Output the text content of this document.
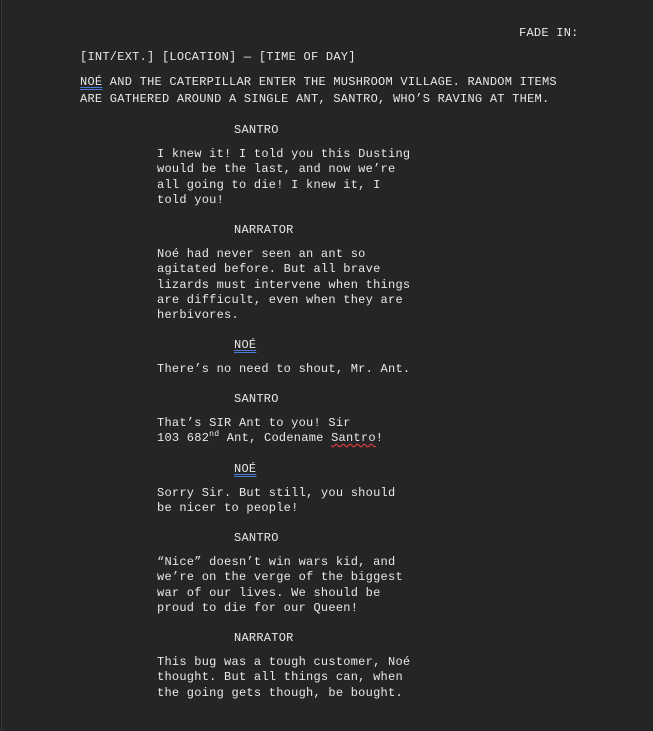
FADE IN:
[INT/EXT.] [LOCATION] — [TIME OF DAY]
NOÉ AND THE CATERPILLAR ENTER THE MUSHROOM VILLAGE. RANDOM ITEMS
ARE GATHERED AROUND A SINGLE ANT, SANTRO, WHO’S RAVING AT THEM.
SANTRO
I knew it! I told you this Dusting
would be the last, and now we’re
all going to die! I knew it, I
told you!
NARRATOR
Noé had never seen an ant so
agitated before. But all brave
lizards must intervene when things
are difficult, even when they are
herbivores.
NOÉ
There’s no need to shout, Mr. Ant.
SANTRO
That’s SIR Ant to you! Sir
103 682nd Ant, Codename Santro!
NOÉ
Sorry Sir. But still, you should
be nicer to people!
SANTRO
“Nice” doesn’t win wars kid, and
we’re on the verge of the biggest
war of our lives. We should be
proud to die for our Queen!
NARRATOR
This bug was a tough customer, Noé
thought. But all things can, when
the going gets though, be bought.
